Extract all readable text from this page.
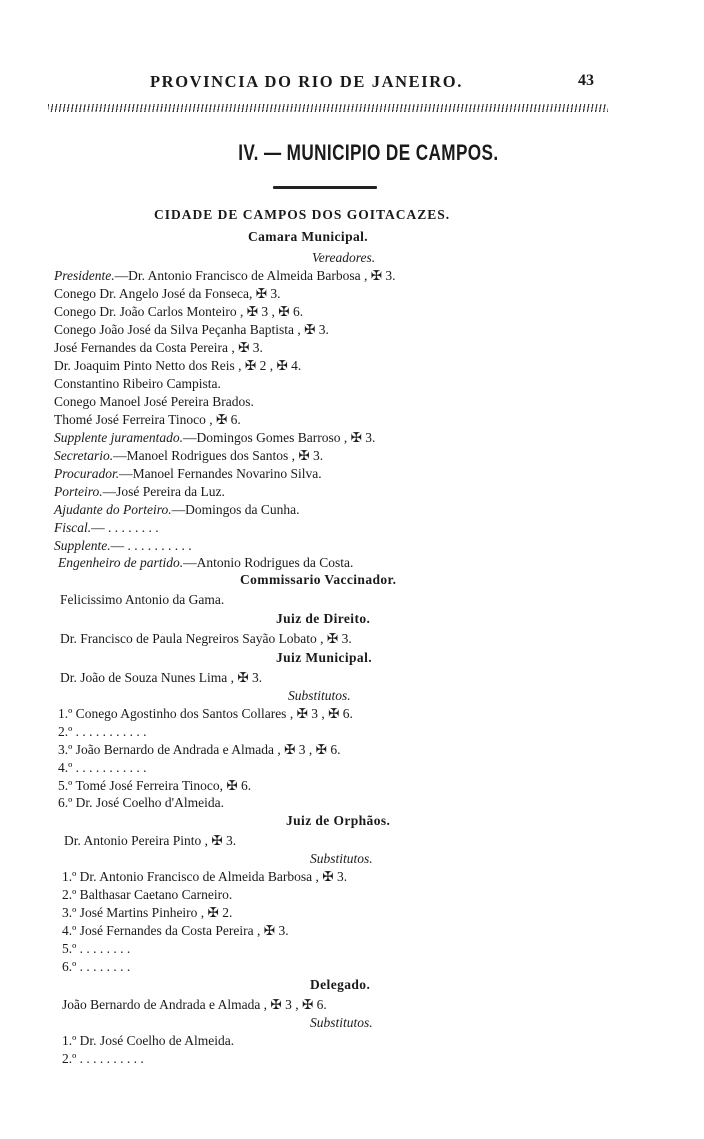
PROVINCIA DO RIO DE JANEIRO.	43
IV. — MUNICIPIO DE CAMPOS.
CIDADE DE CAMPOS DOS GOITACAZES.
Camara Municipal.
Vereadores.
Presidente.—Dr. Antonio Francisco de Almeida Barbosa , ✠ 3.
Conego Dr. Angelo José da Fonseca, ✠ 3.
Conego Dr. João Carlos Monteiro , ✠ 3 , ✠ 6.
Conego João José da Silva Peçanha Baptista , ✠ 3.
José Fernandes da Costa Pereira , ✠ 3.
Dr. Joaquim Pinto Netto dos Reis , ✠ 2 , ✠ 4.
Constantino Ribeiro Campista.
Conego Manoel José Pereira Brados.
Thomé José Ferreira Tinoco , ✠ 6.
Supplente juramentado.—Domingos Gomes Barroso , ✠ 3.
Secretario.—Manoel Rodrigues dos Santos , ✠ 3.
Procurador.—Manoel Fernandes Novarino Silva.
Porteiro.—José Pereira da Luz.
Ajudante do Porteiro.—Domingos da Cunha.
Fiscal.— . . . . . . . .
Supplente.— . . . . . . . . . .
Engenheiro de partido.—Antonio Rodrigues da Costa.
Commissario Vaccinador.
Felicissimo Antonio da Gama.
Juiz de Direito.
Dr. Francisco de Paula Negreiros Sayão Lobato , ✠ 3.
Juiz Municipal.
Dr. João de Souza Nunes Lima , ✠ 3.
Substitutos.
1.º Conego Agostinho dos Santos Collares , ✠ 3 , ✠ 6.
2.º . . . . . . . . . . .
3.º João Bernardo de Andrada e Almada , ✠ 3 , ✠ 6.
4.º . . . . . . . . . . .
5.º Tomé José Ferreira Tinoco, ✠ 6.
6.º Dr. José Coelho d'Almeida.
Juiz de Orphãos.
Dr. Antonio Pereira Pinto , ✠ 3.
Substitutos.
1.º Dr. Antonio Francisco de Almeida Barbosa , ✠ 3.
2.º Balthasar Caetano Carneiro.
3.º José Martins Pinheiro , ✠ 2.
4.º José Fernandes da Costa Pereira , ✠ 3.
5.º . . . . . . . .
6.º . . . . . . . .
Delegado.
João Bernardo de Andrada e Almada , ✠ 3 , ✠ 6.
Substitutos.
1.º Dr. José Coelho de Almeida.
2.º . . . . . . . . . .
